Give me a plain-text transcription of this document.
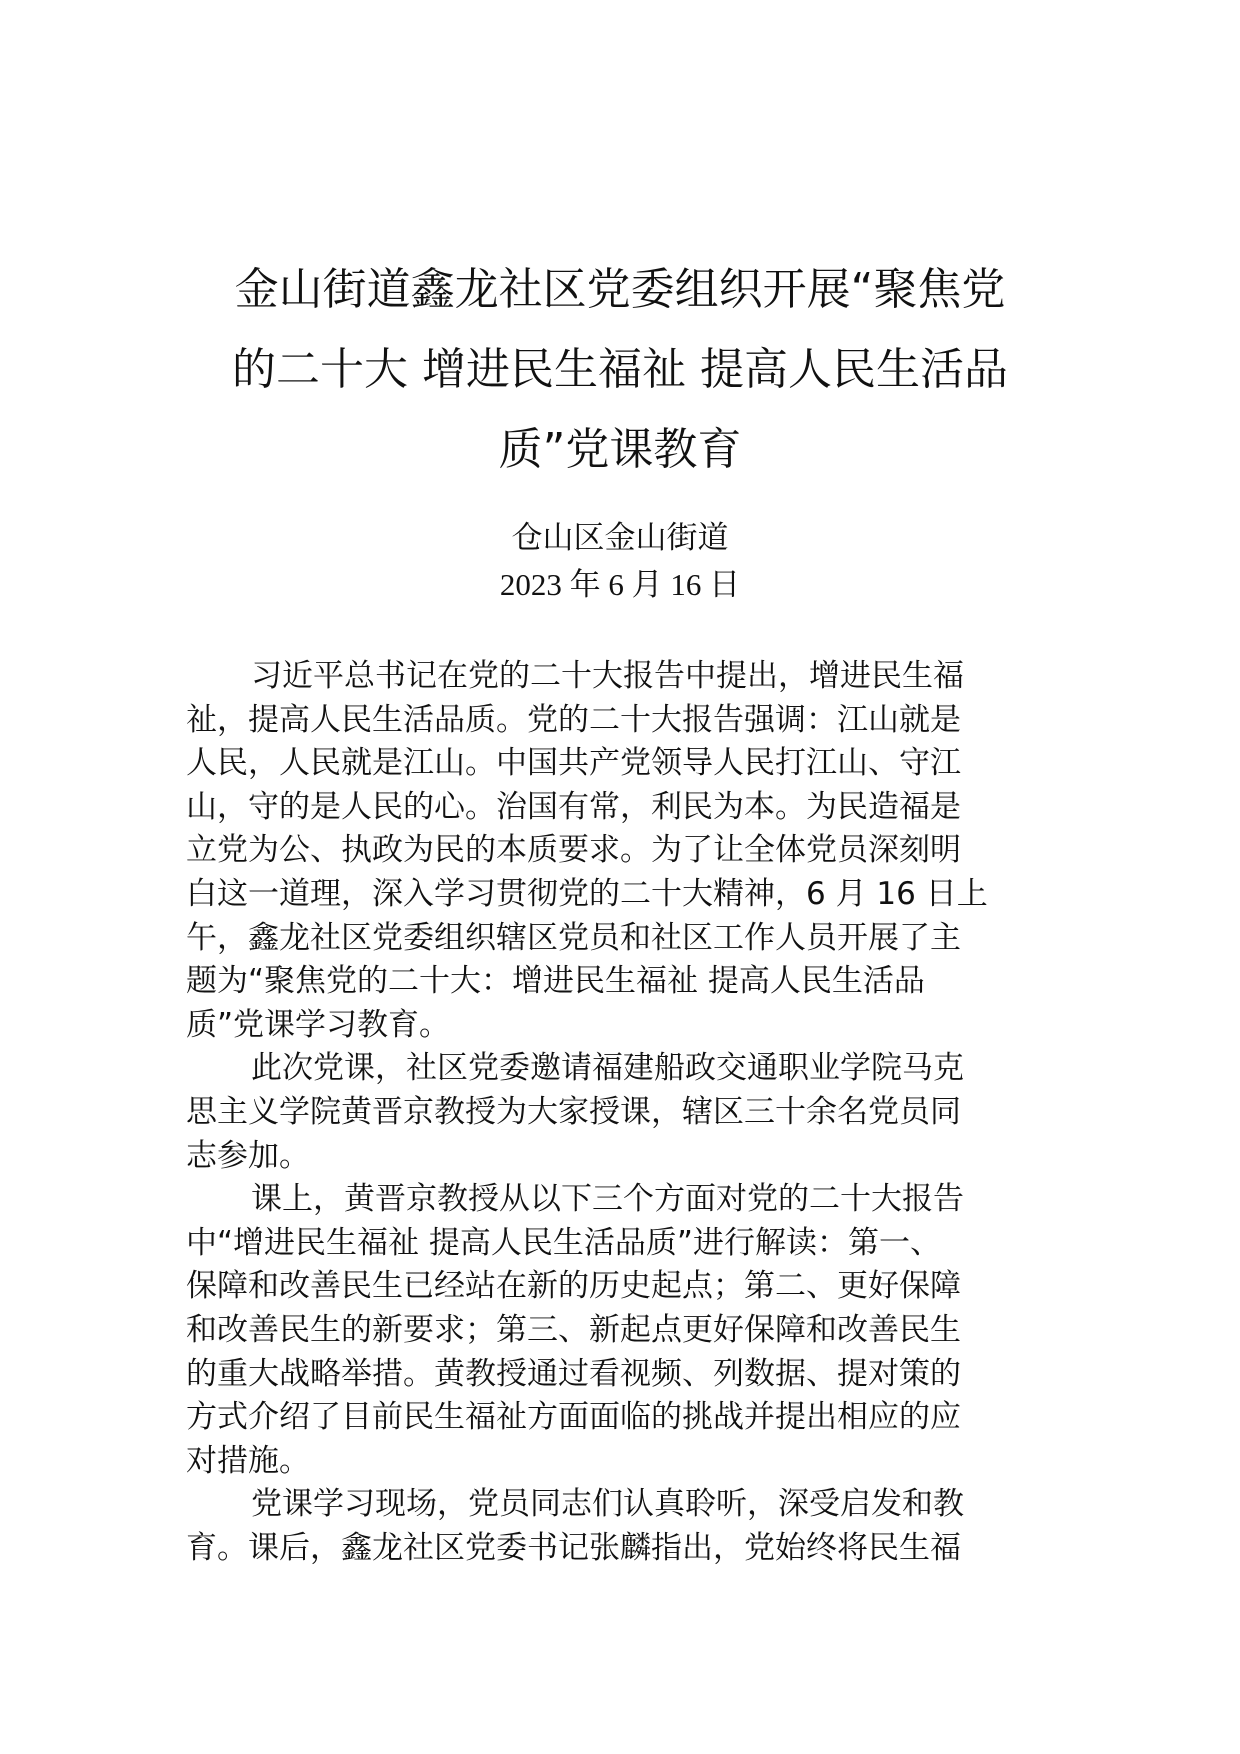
金山街道鑫龙社区党委组织开展“聚焦党
的二十大 增进民生福祉 提高人民生活品
质”党课教育
仓山区金山街道
2023 年 6 月 16 日
习近平总书记在党的二十大报告中提出，增进民生福
祉，提高人民生活品质。党的二十大报告强调：江山就是
人民，人民就是江山。中国共产党领导人民打江山、守江
山，守的是人民的心。治国有常，利民为本。为民造福是
立党为公、执政为民的本质要求。为了让全体党员深刻明
白这一道理，深入学习贯彻党的二十大精神，6 月 16 日上
午，鑫龙社区党委组织辖区党员和社区工作人员开展了主
题为“聚焦党的二十大：增进民生福祉 提高人民生活品
质”党课学习教育。
此次党课，社区党委邀请福建船政交通职业学院马克
思主义学院黄晋京教授为大家授课，辖区三十余名党员同
志参加。
课上，黄晋京教授从以下三个方面对党的二十大报告
中“增进民生福祉 提高人民生活品质”进行解读：第一、
保障和改善民生已经站在新的历史起点；第二、更好保障
和改善民生的新要求；第三、新起点更好保障和改善民生
的重大战略举措。黄教授通过看视频、列数据、提对策的
方式介绍了目前民生福祉方面面临的挑战并提出相应的应
对措施。
党课学习现场，党员同志们认真聆听，深受启发和教
育。课后，鑫龙社区党委书记张麟指出，党始终将民生福
